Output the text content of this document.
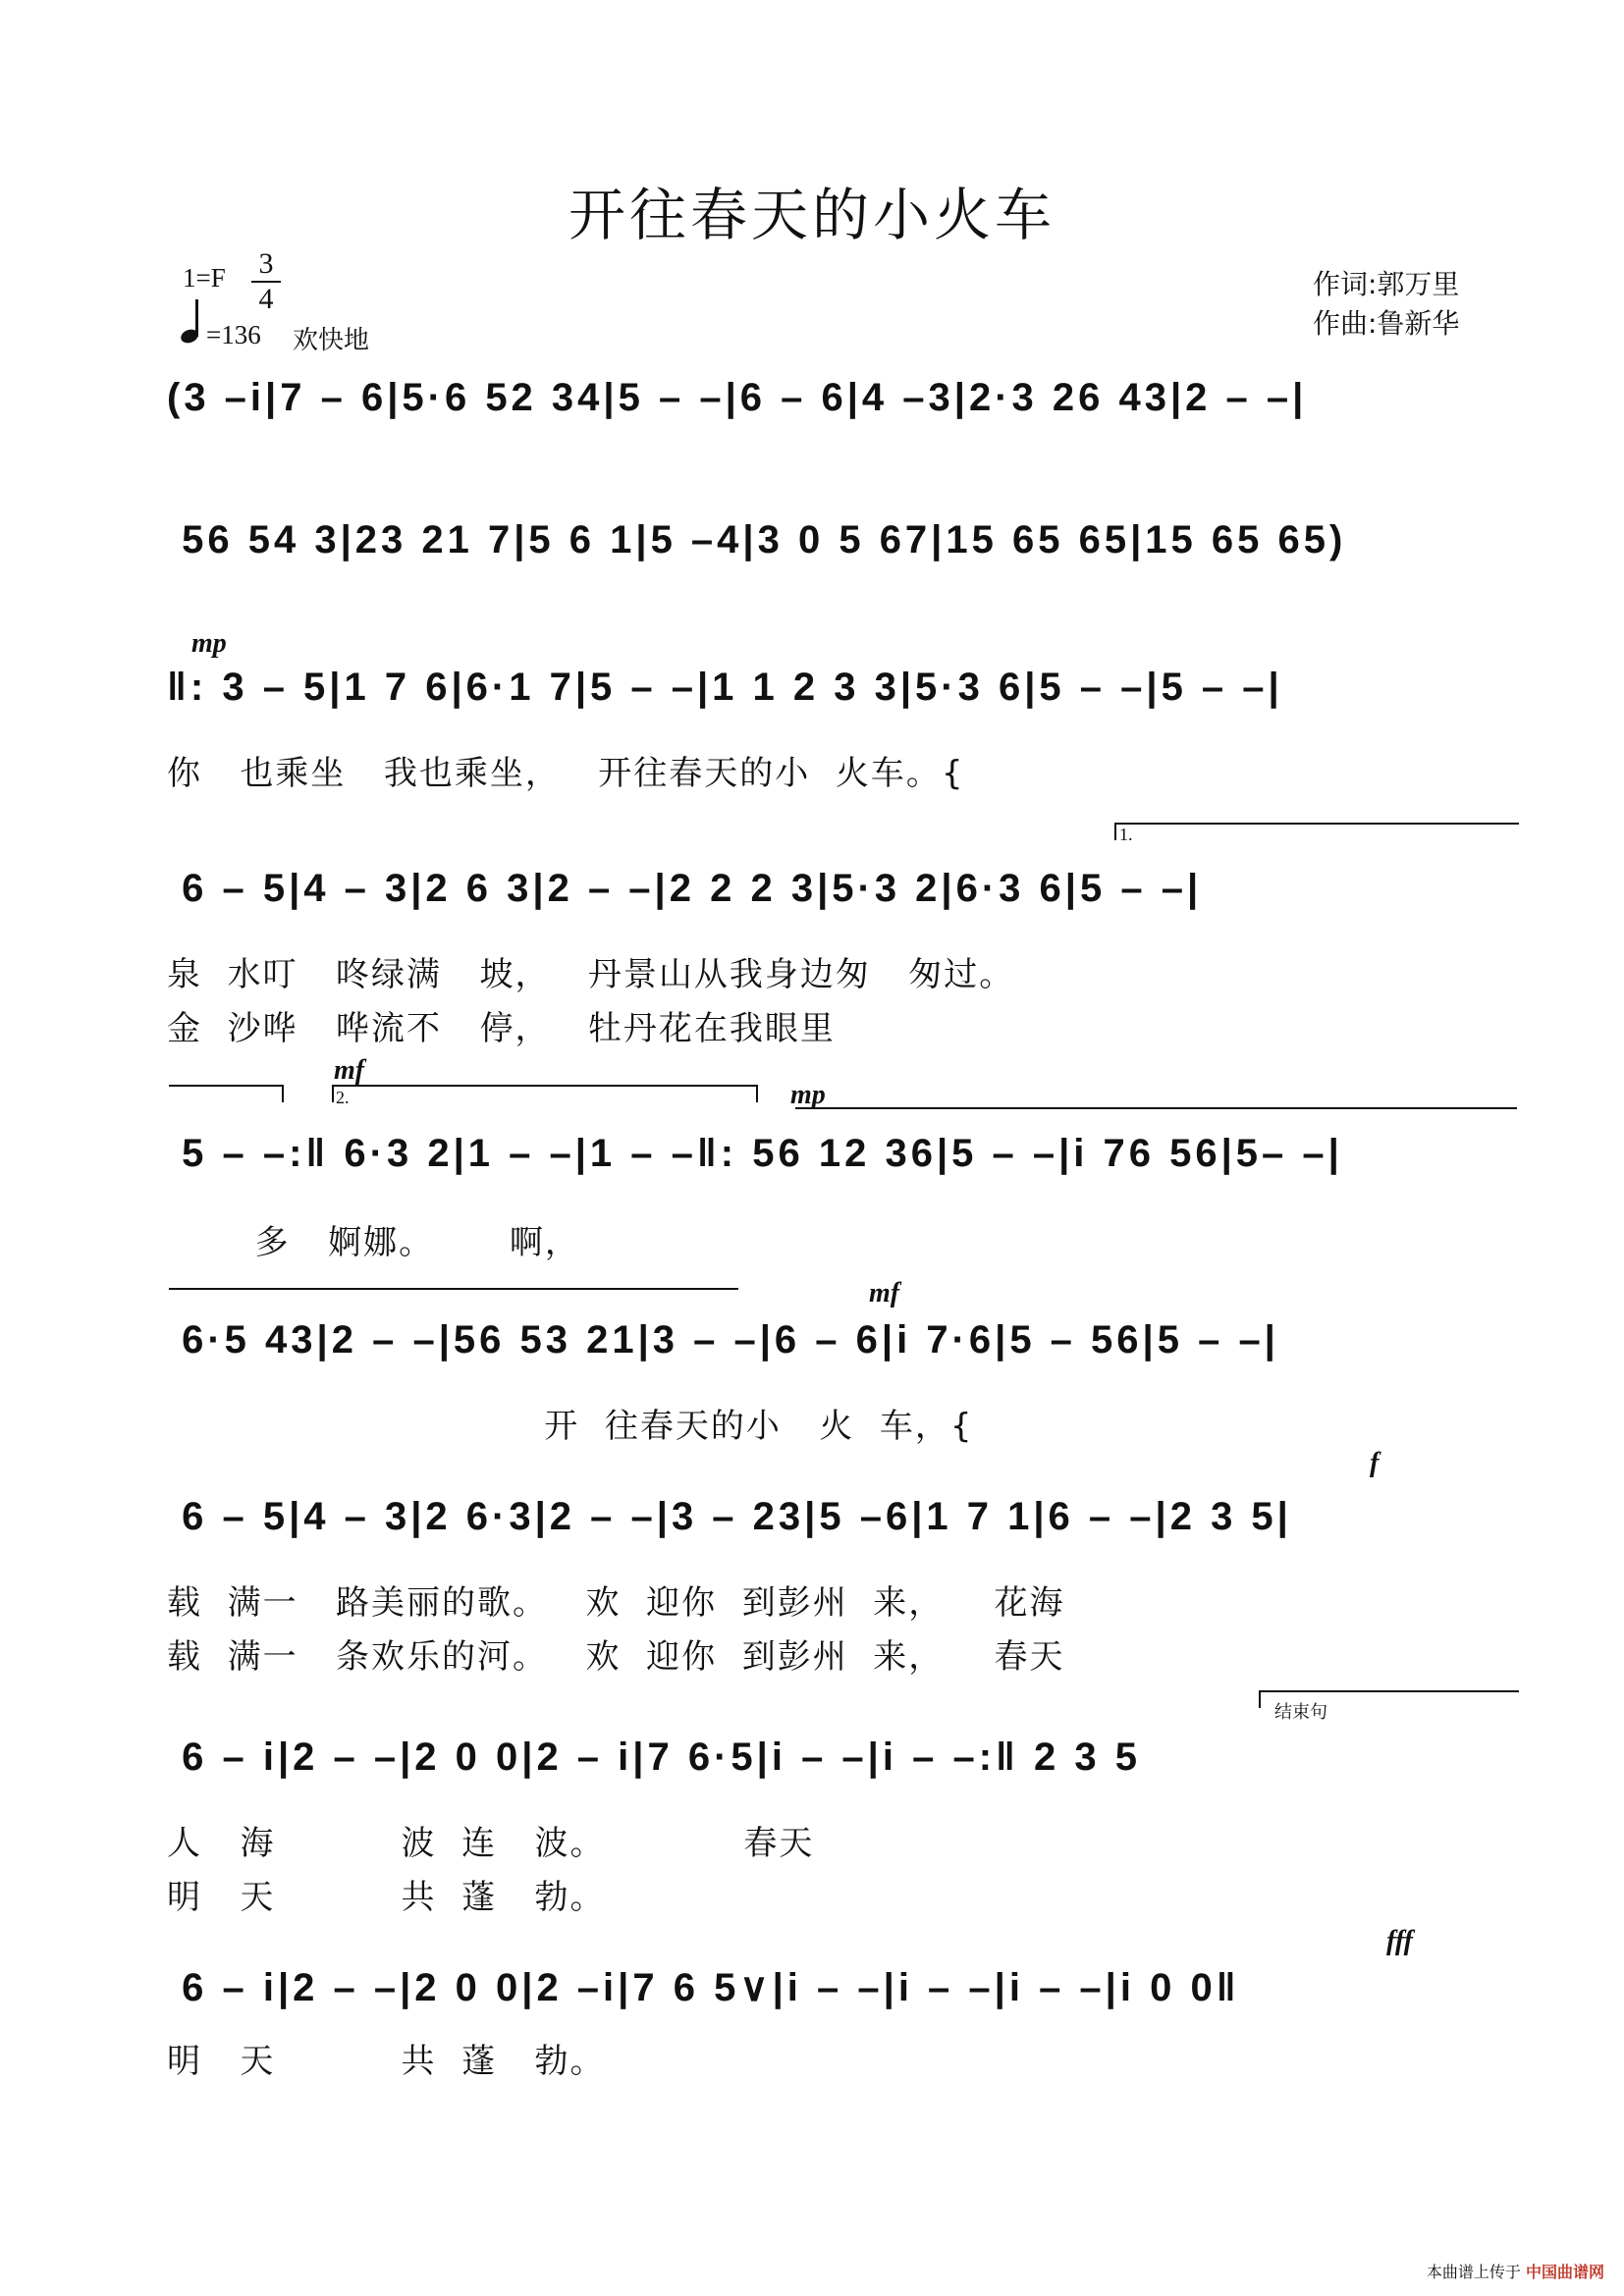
开往春天的小火车
1=F 3
4
=136 欢快地
作词:郭万里
作曲:鲁新华
(3 –i|7 – 6|5·6 52 34|5 – –|6 – 6|4 –3|2·3 26 43|2 – –|
56 54 3|23 21 7|5 6 1|5 –4|3 0 5 67|15 65 65|15 65 65)
mp
‖: 3 – 5|1 7 6|6·1 7|5 – –|1 1 2 3 3|5·3 6|5 – –|5 – –|
你   也乘坐   我也乘坐，   开往春天的小  火车。{
1.
6 – 5|4 – 3|2 6 3|2 – –|2 2 2 3|5·3 2|6·3 6|5 – –|
泉  水叮   咚绿满   坡，   丹景山从我身边匆   匆过。
金  沙哗   哗流不   停，   牡丹花在我眼里
mf
2.	mp
5 – –:‖ 6·3 2|1 – –|1 – –‖: 56 12 36|5 – –|i 76 56|5– –|
多   婀娜。      啊，
mf
6·5 43|2 – –|56 53 21|3 – –|6 – 6|i 7·6|5 – 56|5 – –|
开  往春天的小   火  车，{
f
6 – 5|4 – 3|2 6·3|2 – –|3 – 23|5 –6|1 7 1|6 – –|2 3 5|
载  满一   路美丽的歌。   欢  迎你  到彭州  来，    花海
载  满一   条欢乐的河。   欢  迎你  到彭州  来，    春天
结束句
6 – i|2 – –|2 0 0|2 – i|7 6·5|i – –|i – –:‖ 2 3 5
人   海          波  连   波。           春天
明   天          共  蓬   勃。
fff
6 – i|2 – –|2 0 0|2 –i|7 6 5∨|i – –|i – –|i – –|i 0 0‖
明   天          共  蓬   勃。
本曲谱上传于 中国曲谱网
